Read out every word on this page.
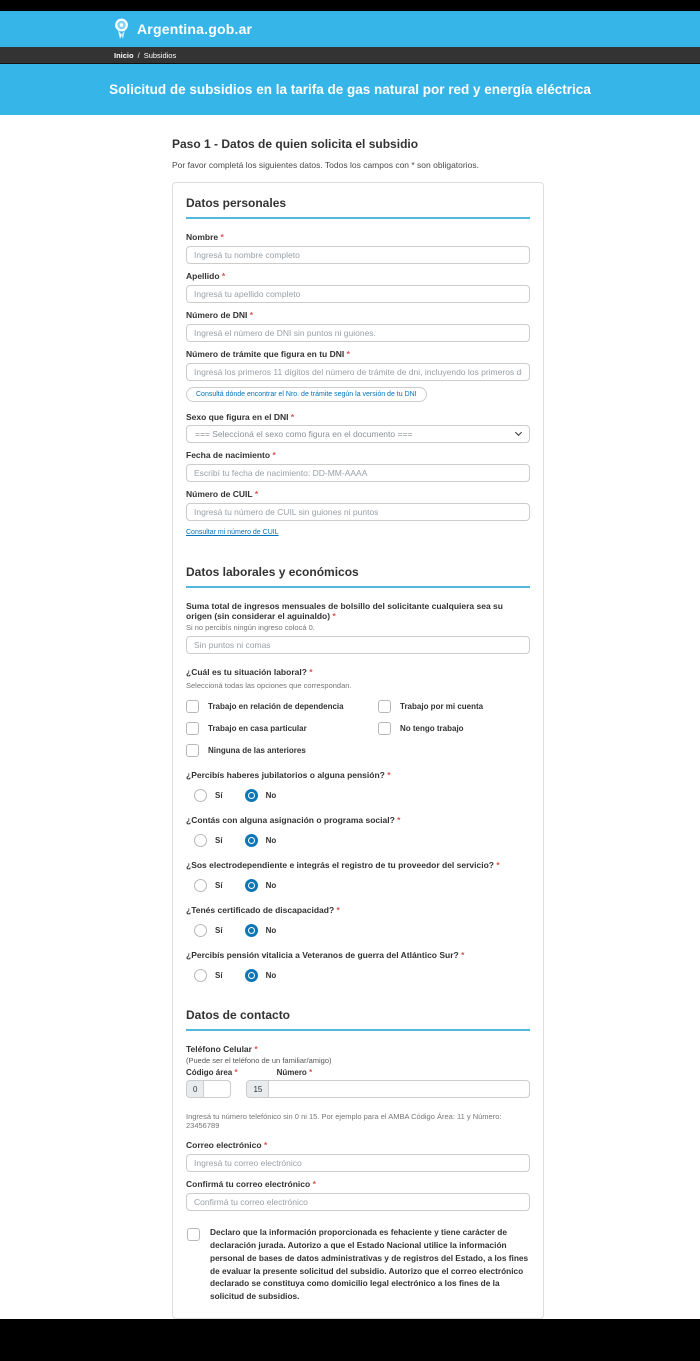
Argentina.gob.ar
Inicio / Subsidios
Solicitud de subsidios en la tarifa de gas natural por red y energía eléctrica
Paso 1 - Datos de quien solicita el subsidio

Por favor completá los siguientes datos. Todos los campos con * son obligatorios.

Datos personales
Nombre *
Ingresá tu nombre completo
Apellido *
Ingresá tu apellido completo
Número de DNI *
Ingresá el número de DNI sin puntos ni guiones.
Número de trámite que figura en tu DNI *
Ingresá los primeros 11 dígitos del número de trámite de dni, incluyendo los primeros dos ceros
Consultá dónde encontrar el Nro. de trámite según la versión de tu DNI
Sexo que figura en el DNI *
=== Seleccioná el sexo como figura en el documento ===
Fecha de nacimiento *
Escribí tu fecha de nacimiento: DD-MM-AAAA
Número de CUIL *
Ingresá tu número de CUIL sin guiones ni puntos
Consultar mi número de CUIL
Datos laborales y económicos
Suma total de ingresos mensuales de bolsillo del solicitante cualquiera sea su origen (sin considerar el aguinaldo) *
Si no percibís ningún ingreso colocá 0.
Sin puntos ni comas
¿Cuál es tu situación laboral? *
Seleccioná todas las opciones que correspondan.
Trabajo en relación de dependencia	Trabajo por mi cuenta
Trabajo en casa particular	No tengo trabajo
Ninguna de las anteriores
¿Percibís haberes jubilatorios o alguna pensión? *
Sí	No
¿Contás con alguna asignación o programa social? *
Sí	No
¿Sos electrodependiente e integrás el registro de tu proveedor del servicio? *
Sí	No
¿Tenés certificado de discapacidad? *
Sí	No
¿Percibís pensión vitalicia a Veteranos de guerra del Atlántico Sur? *
Sí	No
Datos de contacto
Teléfono Celular *
(Puede ser el teléfono de un familiar/amigo)
Código área *	Número *
0	15
Ingresá tu número telefónico sin 0 ni 15. Por ejemplo para el AMBA Código Área: 11 y Número: 23456789
Correo electrónico *
Ingresá tu correo electrónico
Confirmá tu correo electrónico *
Confirmá tu correo electrónico

Declaro que la información proporcionada es fehaciente y tiene carácter de declaración jurada. Autorizo a que el Estado Nacional utilice la información personal de bases de datos administrativas y de registros del Estado, a los fines de evaluar la presente solicitud del subsidio. Autorizo que el correo electrónico declarado se constituya como domicilio legal electrónico a los fines de la solicitud de subsidios.
